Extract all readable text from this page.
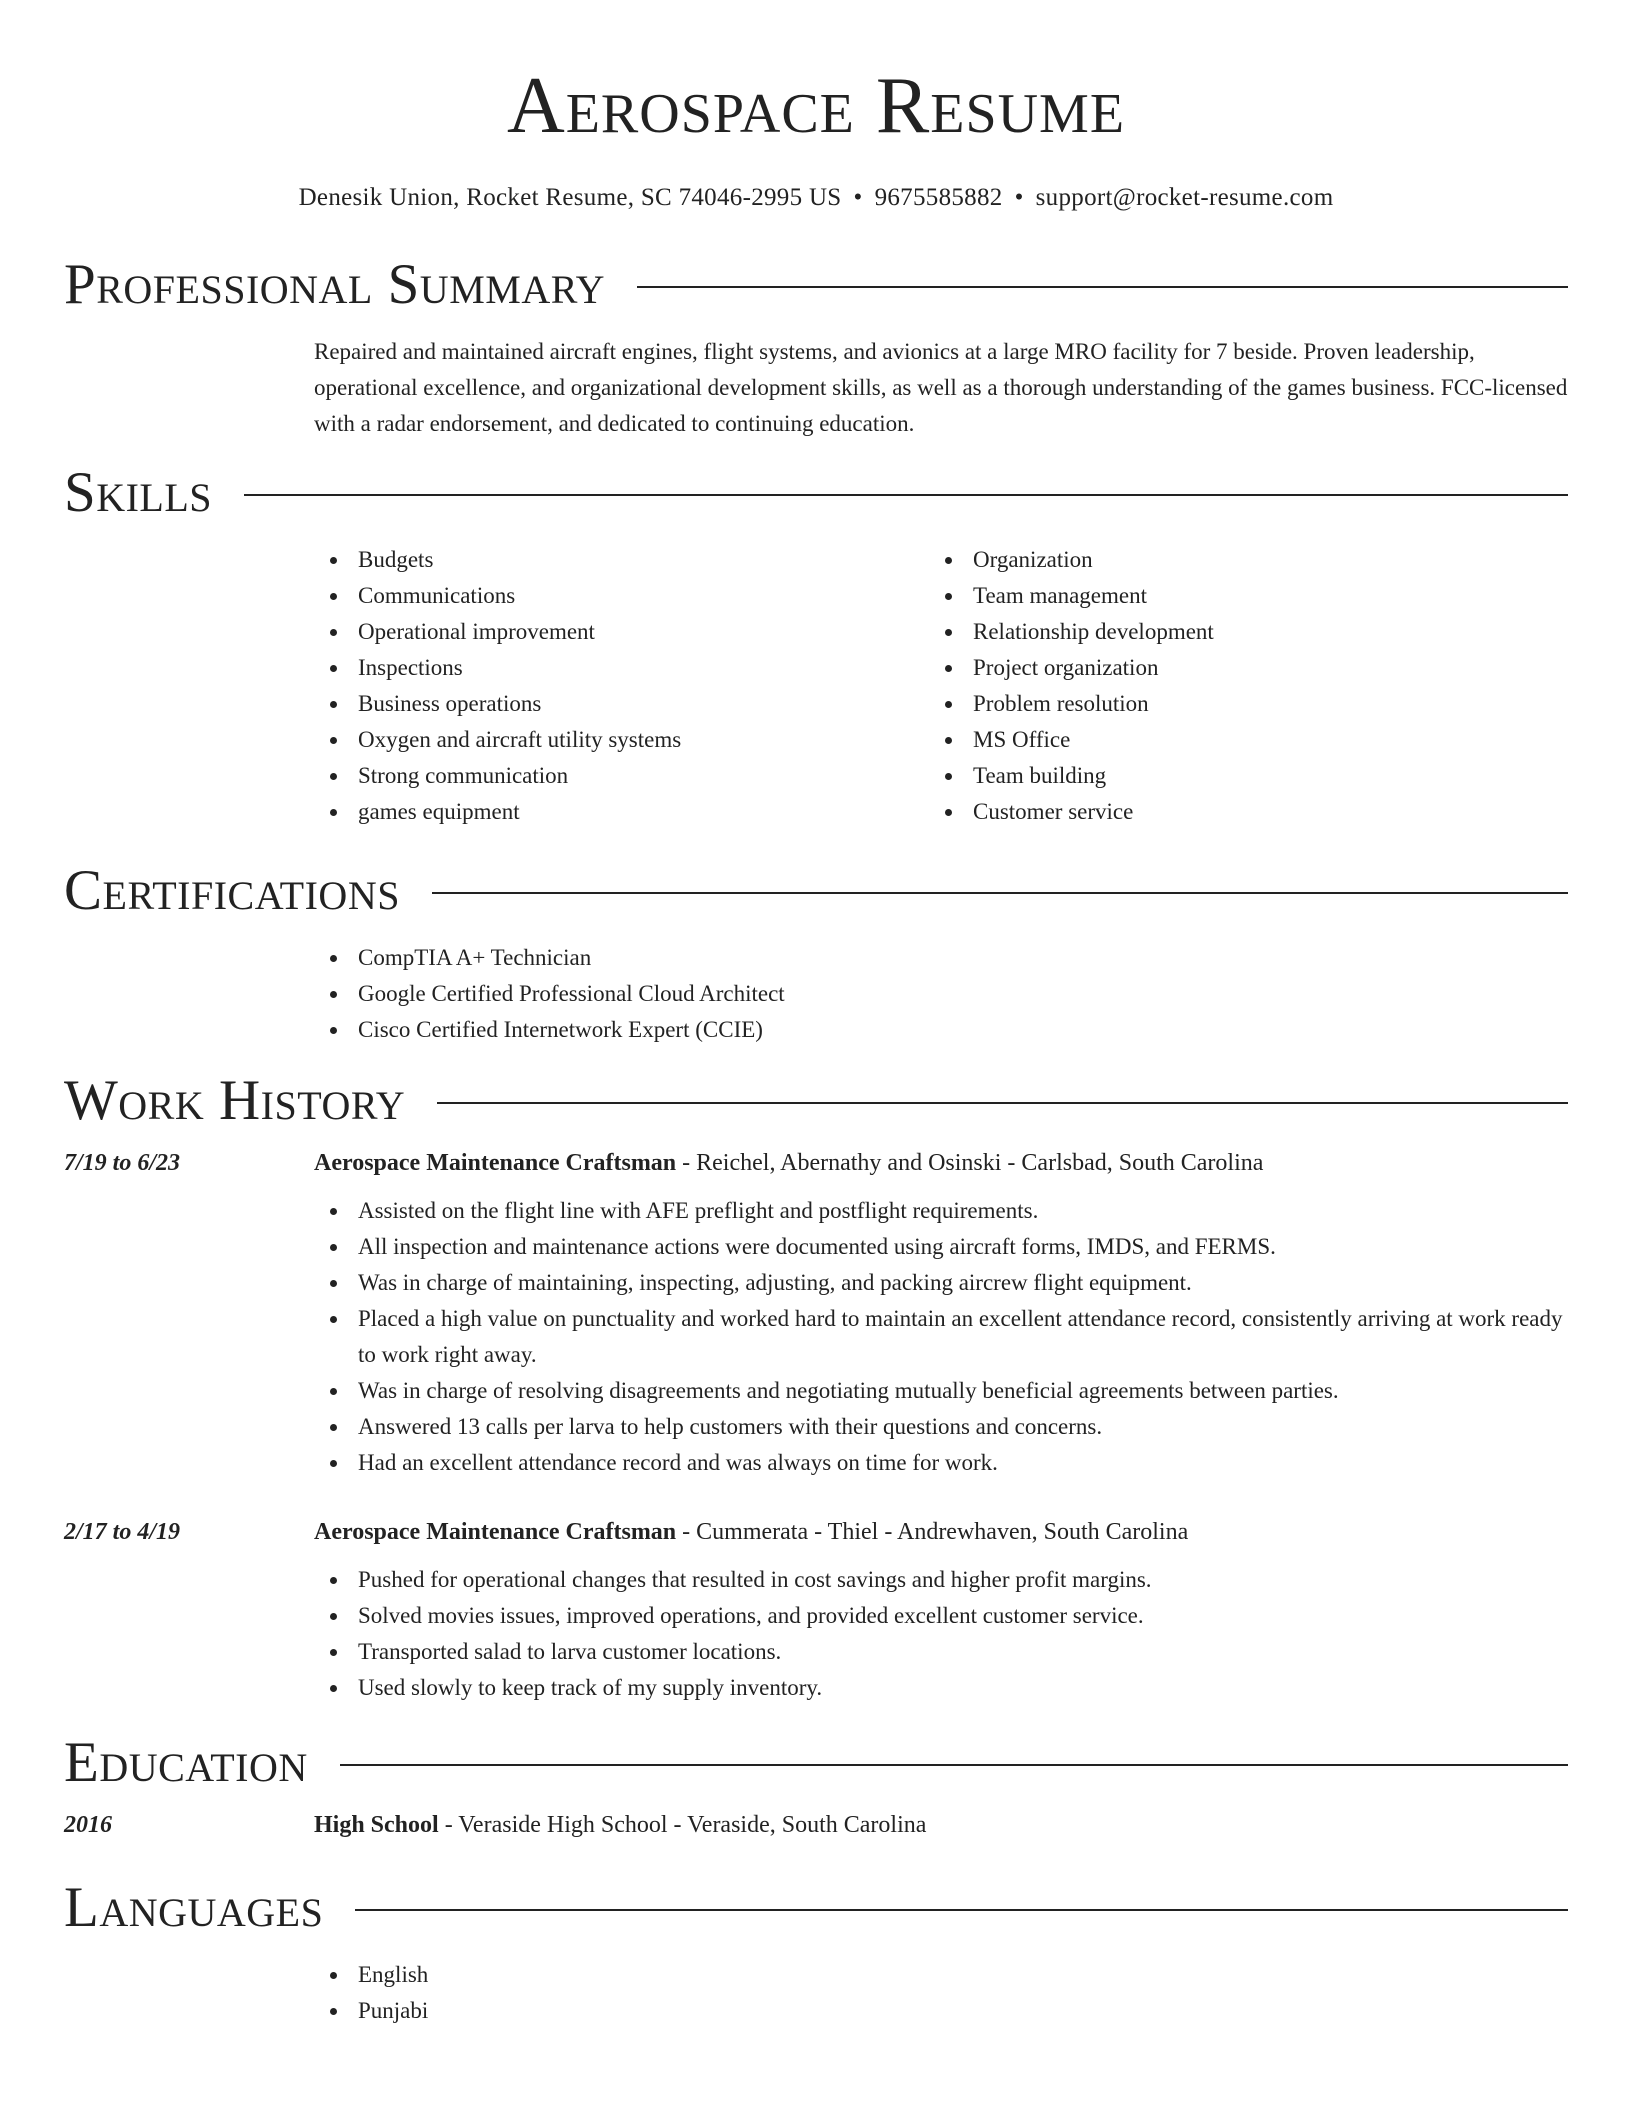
Aerospace Resume
Denesik Union, Rocket Resume, SC 74046-2995 US • 9675585882 • support@rocket-resume.com
Professional Summary

Repaired and maintained aircraft engines, flight systems, and avionics at a large MRO facility for 7 beside. Proven leadership, operational excellence, and organizational development skills, as well as a thorough understanding of the games business. FCC-licensed with a radar endorsement, and dedicated to continuing education.

Skills
Budgets
Communications
Operational improvement
Inspections
Business operations
Oxygen and aircraft utility systems
Strong communication
games equipment
Organization
Team management
Relationship development
Project organization
Problem resolution
MS Office
Team building
Customer service
Certifications
CompTIA A+ Technician
Google Certified Professional Cloud Architect
Cisco Certified Internetwork Expert (CCIE)
Work History
7/19 to 6/23	Aerospace Maintenance Craftsman - Reichel, Abernathy and Osinski - Carlsbad, South Carolina
Assisted on the flight line with AFE preflight and postflight requirements.
All inspection and maintenance actions were documented using aircraft forms, IMDS, and FERMS.
Was in charge of maintaining, inspecting, adjusting, and packing aircrew flight equipment.
Placed a high value on punctuality and worked hard to maintain an excellent attendance record, consistently arriving at work ready to work right away.
Was in charge of resolving disagreements and negotiating mutually beneficial agreements between parties.
Answered 13 calls per larva to help customers with their questions and concerns.
Had an excellent attendance record and was always on time for work.
2/17 to 4/19	Aerospace Maintenance Craftsman - Cummerata - Thiel - Andrewhaven, South Carolina
Pushed for operational changes that resulted in cost savings and higher profit margins.
Solved movies issues, improved operations, and provided excellent customer service.
Transported salad to larva customer locations.
Used slowly to keep track of my supply inventory.
Education
2016	High School - Veraside High School - Veraside, South Carolina
Languages
English
Punjabi
